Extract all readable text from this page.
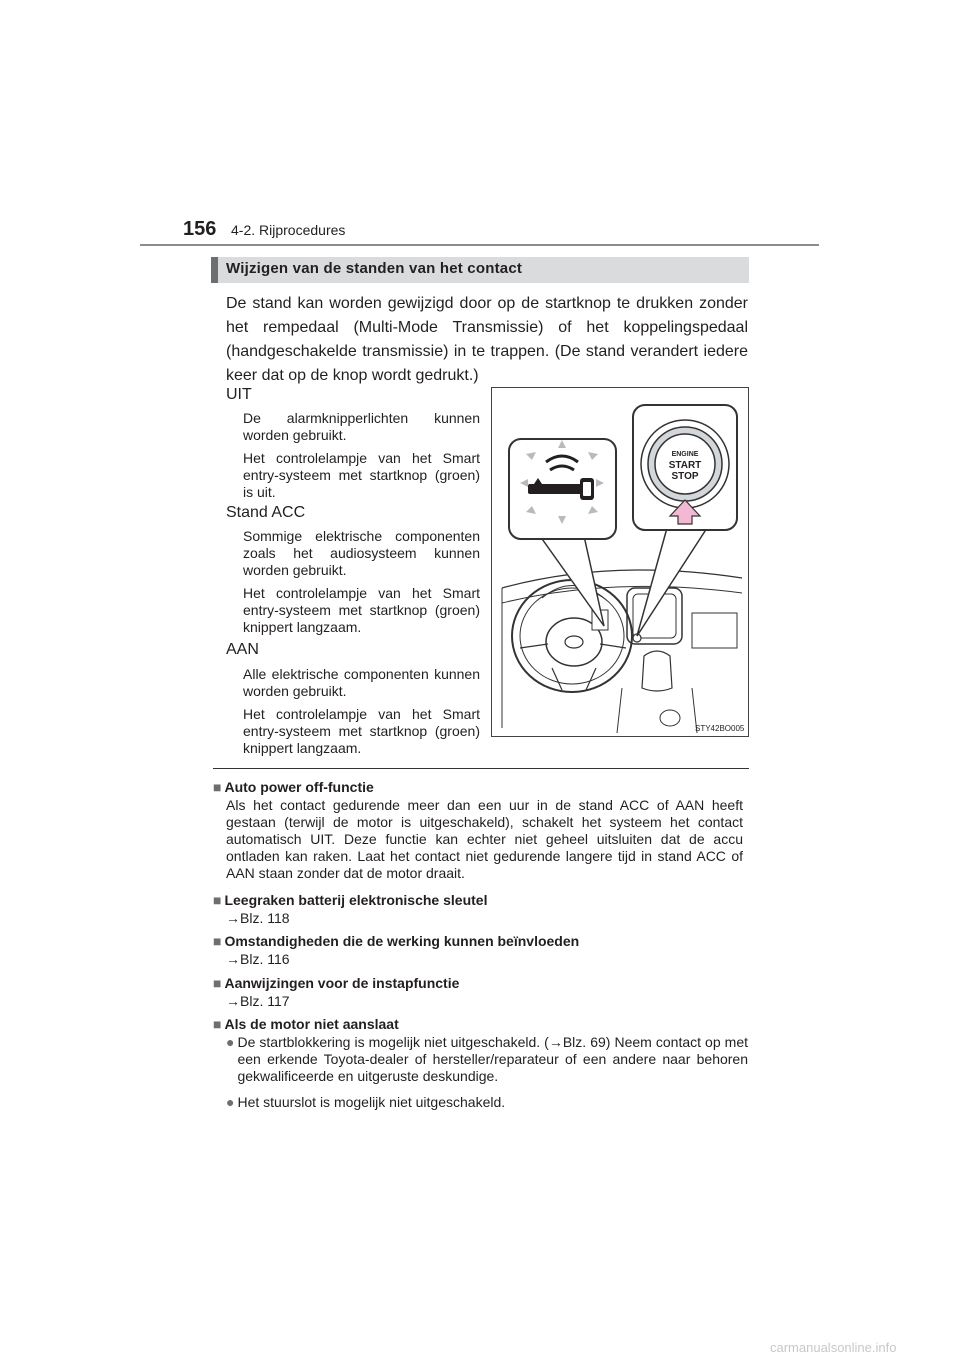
156 4-2. Rijprocedures
Wijzigen van de standen van het contact
De stand kan worden gewijzigd door op de startknop te drukken zonder het rempedaal (Multi-Mode Transmissie) of het koppelingspedaal (handgeschakelde transmissie) in te trappen. (De stand verandert iedere keer dat op de knop wordt gedrukt.)
UIT

De alarmknipperlichten kunnen worden gebruikt.

Het controlelampje van het Smart entry-systeem met startknop (groen) is uit.

Stand ACC

Sommige elektrische componenten zoals het audiosysteem kunnen worden gebruikt.

Het controlelampje van het Smart entry-systeem met startknop (groen) knippert langzaam.

AAN

Alle elektrische componenten kunnen worden gebruikt.

Het controlelampje van het Smart entry-systeem met startknop (groen) knippert langzaam.

ENGINE
START
STOP
STY42BO005
■ Auto power off-functie
Als het contact gedurende meer dan een uur in de stand ACC of AAN heeft gestaan (terwijl de motor is uitgeschakeld), schakelt het systeem het contact automatisch UIT. Deze functie kan echter niet geheel uitsluiten dat de accu ontladen kan raken. Laat het contact niet gedurende langere tijd in stand ACC of AAN staan zonder dat de motor draait.
■ Leegraken batterij elektronische sleutel
→Blz. 118
■ Omstandigheden die de werking kunnen beïnvloeden
→Blz. 116
■ Aanwijzingen voor de instapfunctie
→Blz. 117
■ Als de motor niet aanslaat
● De startblokkering is mogelijk niet uitgeschakeld. (→Blz. 69) Neem contact op met een erkende Toyota-dealer of hersteller/reparateur of een andere naar behoren gekwalificeerde en uitgeruste deskundige.
● Het stuurslot is mogelijk niet uitgeschakeld.
carmanualsonline.info
